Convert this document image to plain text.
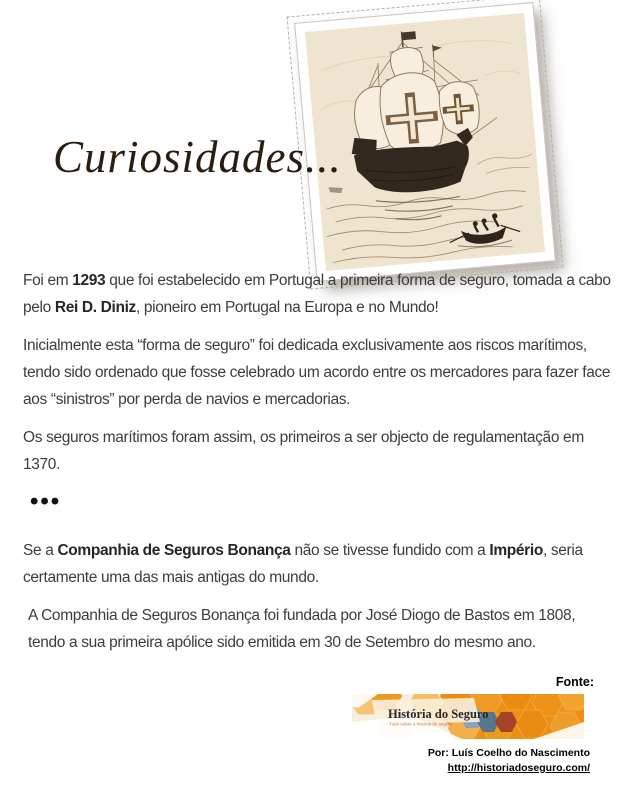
Curiosidades...

Foi em 1293 que foi estabelecido em Portugal a primeira forma de seguro, tomada a cabo pelo Rei D. Diniz, pioneiro em Portugal na Europa e no Mundo!

Inicialmente esta “forma de seguro” foi dedicada exclusivamente aos riscos marítimos, tendo sido ordenado que fosse celebrado um acordo entre os mercadores para fazer face aos “sinistros” por perda de navios e mercadorias.

Os seguros marítimos foram assim, os primeiros a ser objecto de regulamentação em 1370.

•••

Se a Companhia de Seguros Bonança não se tivesse fundido com a Império, seria certamente uma das mais antigas do mundo.

A Companhia de Seguros Bonança foi fundada por José Diogo de Bastos em 1808, tendo a sua primeira apólice sido emitida em 30 de Setembro do mesmo ano.

Fonte:
História do Seguro
Tudo sobre a história do seguro
Por: Luís Coelho do Nascimento
http://historiadoseguro.com/
